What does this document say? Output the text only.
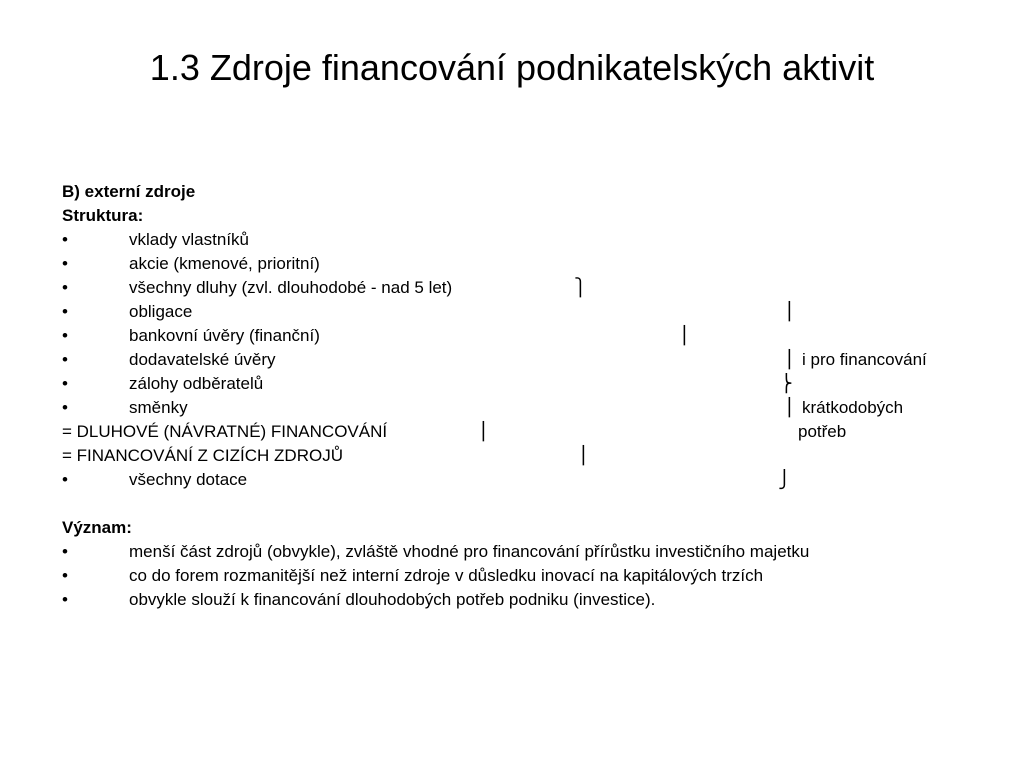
1.3 Zdroje financování podnikatelských aktivit
B) externí zdroje
Struktura:
•	vklady vlastníků
•	akcie (kmenové, prioritní)
•	všechny dluhy (zvl. dlouhodobé - nad 5 let)
•	obligace
•	bankovní úvěry (finanční)
•	dodavatelské úvěry
•	zálohy odběratelů
•	směnky
= DLUHOVÉ (NÁVRATNÉ) FINANCOVÁNÍ
= FINANCOVÁNÍ Z CIZÍCH ZDROJŮ
•	všechny dotace
⎫
⎪
⎪
⎪
⎬
⎪
⎪
⎪
⎭
i pro financování
krátkodobých
potřeb
Význam:
•	menší část zdrojů (obvykle), zvláště vhodné pro financování přírůstku investičního majetku
•	co do forem rozmanitější než interní zdroje v důsledku inovací na kapitálových trzích
•	obvykle slouží k financování dlouhodobých potřeb podniku (investice).
